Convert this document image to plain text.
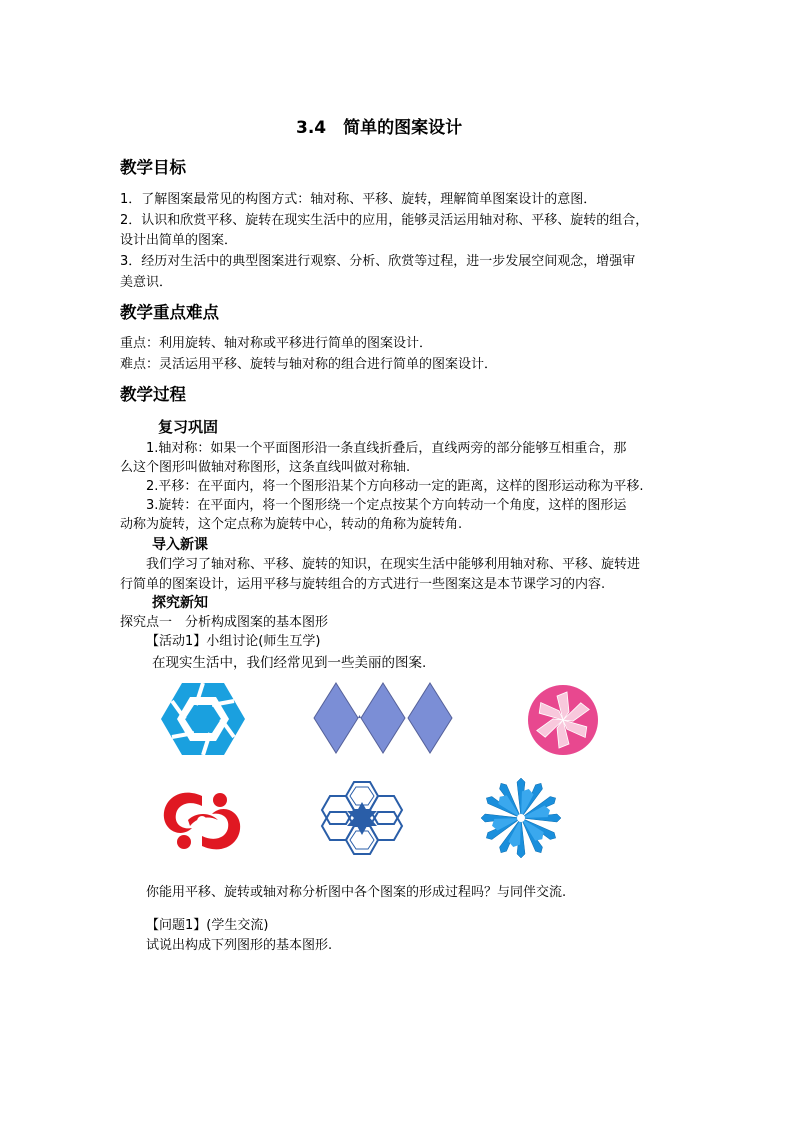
3.4　简单的图案设计
教学目标
1．了解图案最常见的构图方式：轴对称、平移、旋转，理解简单图案设计的意图．
2．认识和欣赏平移、旋转在现实生活中的应用，能够灵活运用轴对称、平移、旋转的组合，
设计出简单的图案．
3．经历对生活中的典型图案进行观察、分析、欣赏等过程，进一步发展空间观念，增强审
美意识．
教学重点难点
重点：利用旋转、轴对称或平移进行简单的图案设计．
难点：灵活运用平移、旋转与轴对称的组合进行简单的图案设计．
教学过程
复习巩固
1.轴对称：如果一个平面图形沿一条直线折叠后，直线两旁的部分能够互相重合，那
么这个图形叫做轴对称图形，这条直线叫做对称轴.
2.平移：在平面内，将一个图形沿某个方向移动一定的距离，这样的图形运动称为平移.
3.旋转：在平面内，将一个图形绕一个定点按某个方向转动一个角度，这样的图形运
动称为旋转，这个定点称为旋转中心，转动的角称为旋转角.
导入新课
我们学习了轴对称、平移、旋转的知识，在现实生活中能够利用轴对称、平移、旋转进
行简单的图案设计，运用平移与旋转组合的方式进行一些图案这是本节课学习的内容.
探究新知
探究点一　分析构成图案的基本图形
【活动1】小组讨论(师生互学)
在现实生活中，我们经常见到一些美丽的图案.
你能用平移、旋转或轴对称分析图中各个图案的形成过程吗？与同伴交流.
【问题1】(学生交流)
试说出构成下列图形的基本图形.
